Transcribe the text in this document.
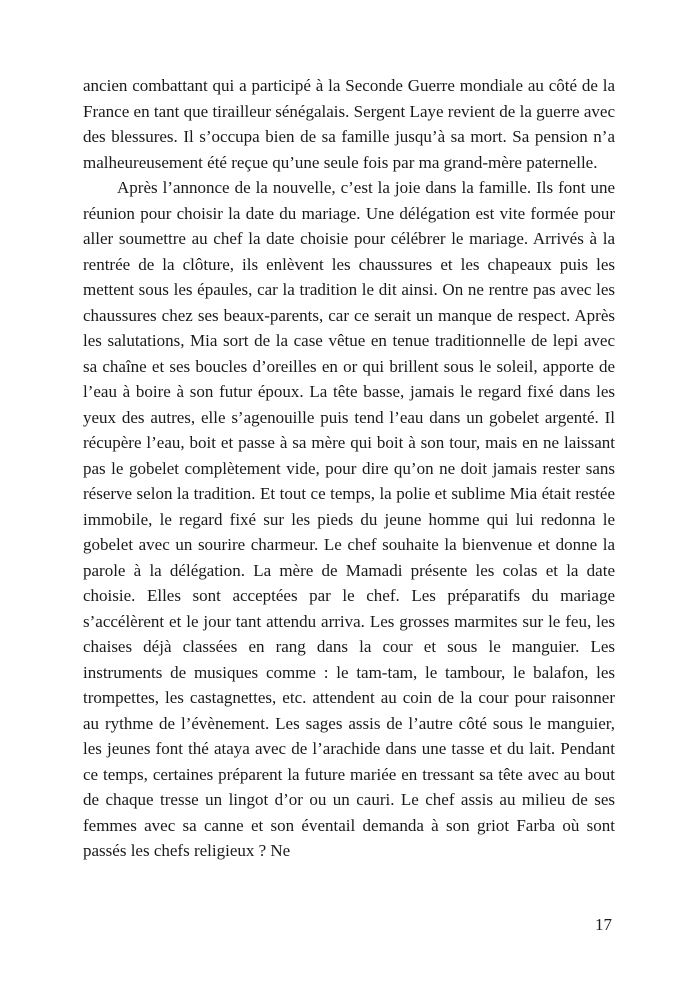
ancien combattant qui a participé à la Seconde Guerre mondiale au côté de la France en tant que tirailleur sénégalais. Sergent Laye revient de la guerre avec des blessures. Il s’occupa bien de sa famille jusqu’à sa mort. Sa pension n’a malheureusement été reçue qu’une seule fois par ma grand-mère paternelle.

Après l’annonce de la nouvelle, c’est la joie dans la famille. Ils font une réunion pour choisir la date du mariage. Une délégation est vite formée pour aller soumettre au chef la date choisie pour célébrer le mariage. Arrivés à la rentrée de la clôture, ils enlèvent les chaussures et les chapeaux puis les mettent sous les épaules, car la tradition le dit ainsi. On ne rentre pas avec les chaussures chez ses beaux-parents, car ce serait un manque de respect. Après les salutations, Mia sort de la case vêtue en tenue traditionnelle de lepi avec sa chaîne et ses boucles d’oreilles en or qui brillent sous le soleil, apporte de l’eau à boire à son futur époux. La tête basse, jamais le regard fixé dans les yeux des autres, elle s’agenouille puis tend l’eau dans un gobelet argenté. Il récupère l’eau, boit et passe à sa mère qui boit à son tour, mais en ne laissant pas le gobelet complètement vide, pour dire qu’on ne doit jamais rester sans réserve selon la tradition. Et tout ce temps, la polie et sublime Mia était restée immobile, le regard fixé sur les pieds du jeune homme qui lui redonna le gobelet avec un sourire charmeur. Le chef souhaite la bienvenue et donne la parole à la délégation. La mère de Mamadi présente les colas et la date choisie. Elles sont acceptées par le chef. Les préparatifs du mariage s’accélèrent et le jour tant attendu arriva. Les grosses marmites sur le feu, les chaises déjà classées en rang dans la cour et sous le manguier. Les instruments de musiques comme : le tam-tam, le tambour, le balafon, les trompettes, les castagnettes, etc. attendent au coin de la cour pour raisonner au rythme de l’évènement. Les sages assis de l’autre côté sous le manguier, les jeunes font thé ataya avec de l’arachide dans une tasse et du lait. Pendant ce temps, certaines préparent la future mariée en tressant sa tête avec au bout de chaque tresse un lingot d’or ou un cauri. Le chef assis au milieu de ses femmes avec sa canne et son éventail demanda à son griot Farba où sont passés les chefs religieux ? Ne

17
